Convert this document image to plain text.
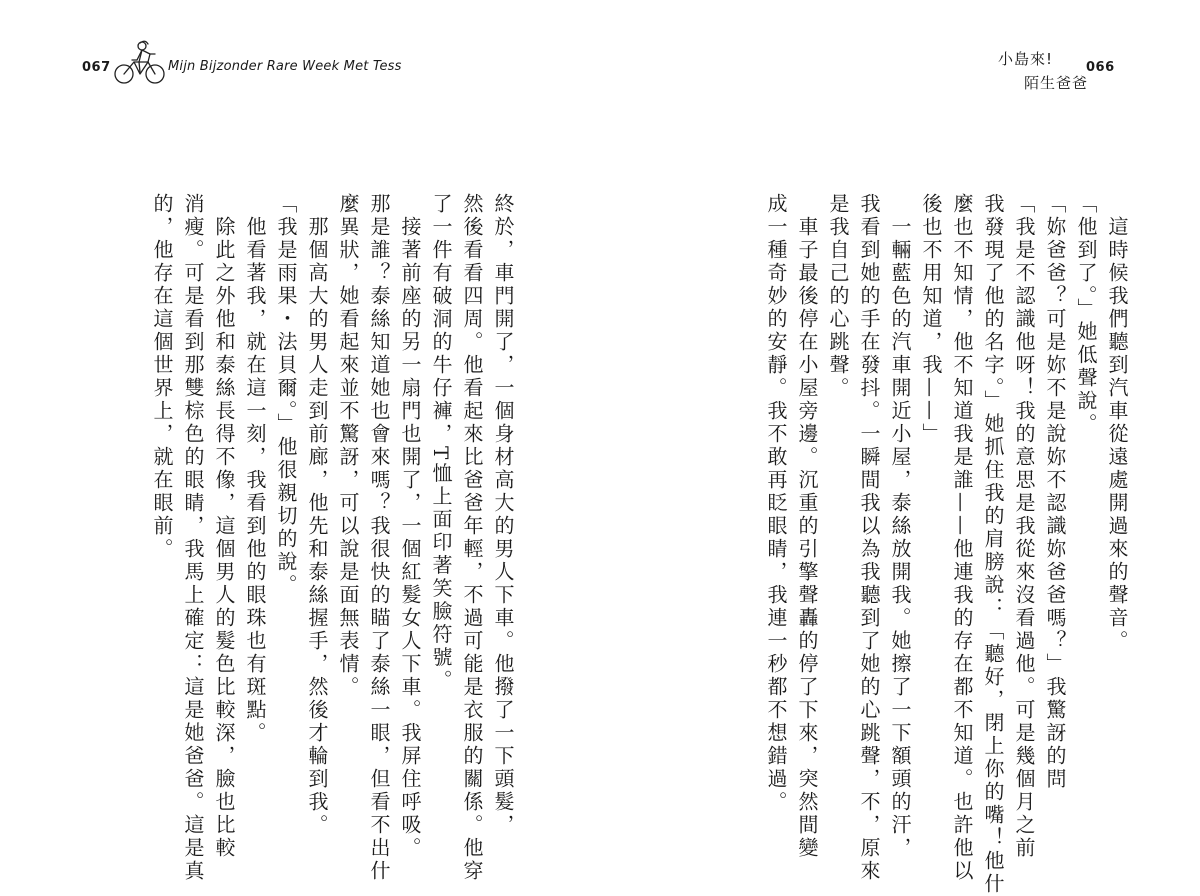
067	Mijn Bijzonder Rare Week Met Tess
終於，車門開了，一個身材高大的男人下車。他撥了一下頭髮，
然後看看四周。他看起來比爸爸年輕，不過可能是衣服的關係。他穿
了一件有破洞的牛仔褲，T恤上面印著笑臉符號。
　接著前座的另一扇門也開了，一個紅髮女人下車。我屏住呼吸。
那是誰？泰絲知道她也會來嗎？我很快的瞄了泰絲一眼，但看不出什
麼異狀，她看起來並不驚訝，可以說是面無表情。
　那個高大的男人走到前廊，他先和泰絲握手，然後才輪到我。
「我是雨果・法貝爾。」他很親切的說。
　他看著我，就在這一刻，我看到他的眼珠也有斑點。
　除此之外他和泰絲長得不像，這個男人的髮色比較深，臉也比較
消瘦。可是看到那雙棕色的眼睛，我馬上確定：這是她爸爸。這是真
的，他存在這個世界上，就在眼前。
小島來!
陌生爸爸
066
　這時候我們聽到汽車從遠處開過來的聲音。
「他到了。」她低聲說。
「妳爸爸？可是妳不是說妳不認識妳爸爸嗎？」我驚訝的問
「我是不認識他呀！我的意思是我從來沒看過他。可是幾個月之前
我發現了他的名字。」她抓住我的肩膀說：「聽好，閉上你的嘴！他什
麼也不知情，他不知道我是誰——他連我的存在都不知道。也許他以
後也不用知道，我——」
　一輛藍色的汽車開近小屋，泰絲放開我。她擦了一下額頭的汗，
我看到她的手在發抖。一瞬間我以為我聽到了她的心跳聲，不，原來
是我自己的心跳聲。
　車子最後停在小屋旁邊。沉重的引擎聲轟的停了下來，突然間變
成一種奇妙的安靜。我不敢再眨眼睛，我連一秒都不想錯過。
